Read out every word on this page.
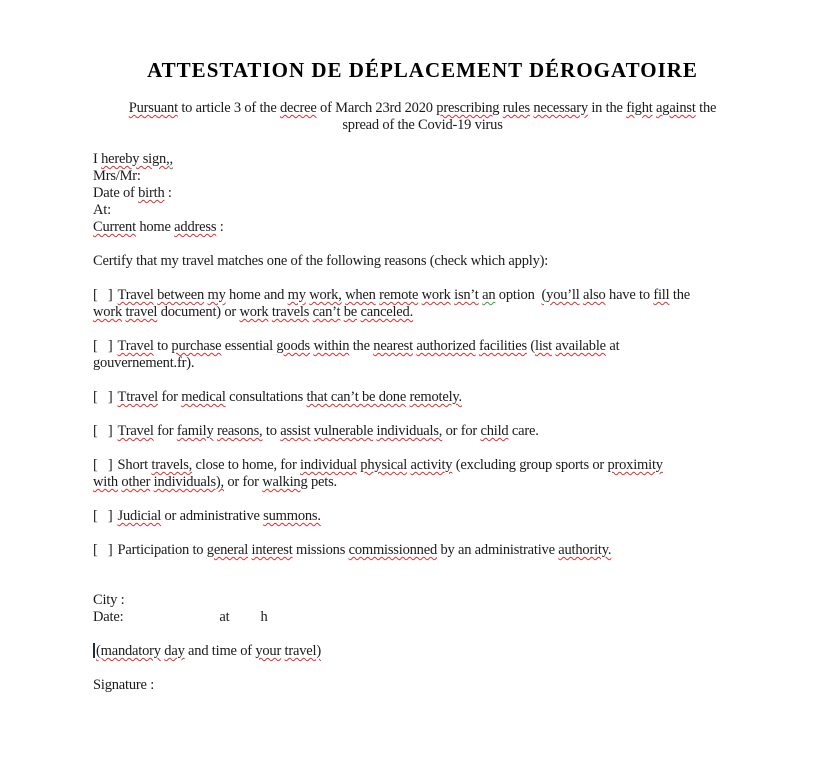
ATTESTATION DE DÉPLACEMENT DÉROGATOIRE

Pursuant to article 3 of the decree of March 23rd 2020 prescribing rules necessary in the fight against the
spread of the Covid-19 virus

I hereby sign,,
Mrs/Mr:
Date of birth :
At:
Current home address :

Certify that my travel matches one of the following reasons (check which apply):

[   ] Travel between my home and my work, when remote work isn’t an option  (you’ll also have to fill the
work travel document) or work travels can’t be canceled.

[   ] Travel to purchase essential goods within the nearest authorized facilities (list available at
gouvernement.fr).

[   ] Ttravel for medical consultations that can’t be done remotely.

[   ] Travel for family reasons, to assist vulnerable individuals, or for child care.

[   ] Short travels, close to home, for individual physical activity (excluding group sports or proximity
with other individuals), or for walking pets.

[   ] Judicial or administrative summons.

[   ] Participation to general interest missions commissionned by an administrative authority.

City :
Date:	at h

(mandatory day and time of your travel)

Signature :
